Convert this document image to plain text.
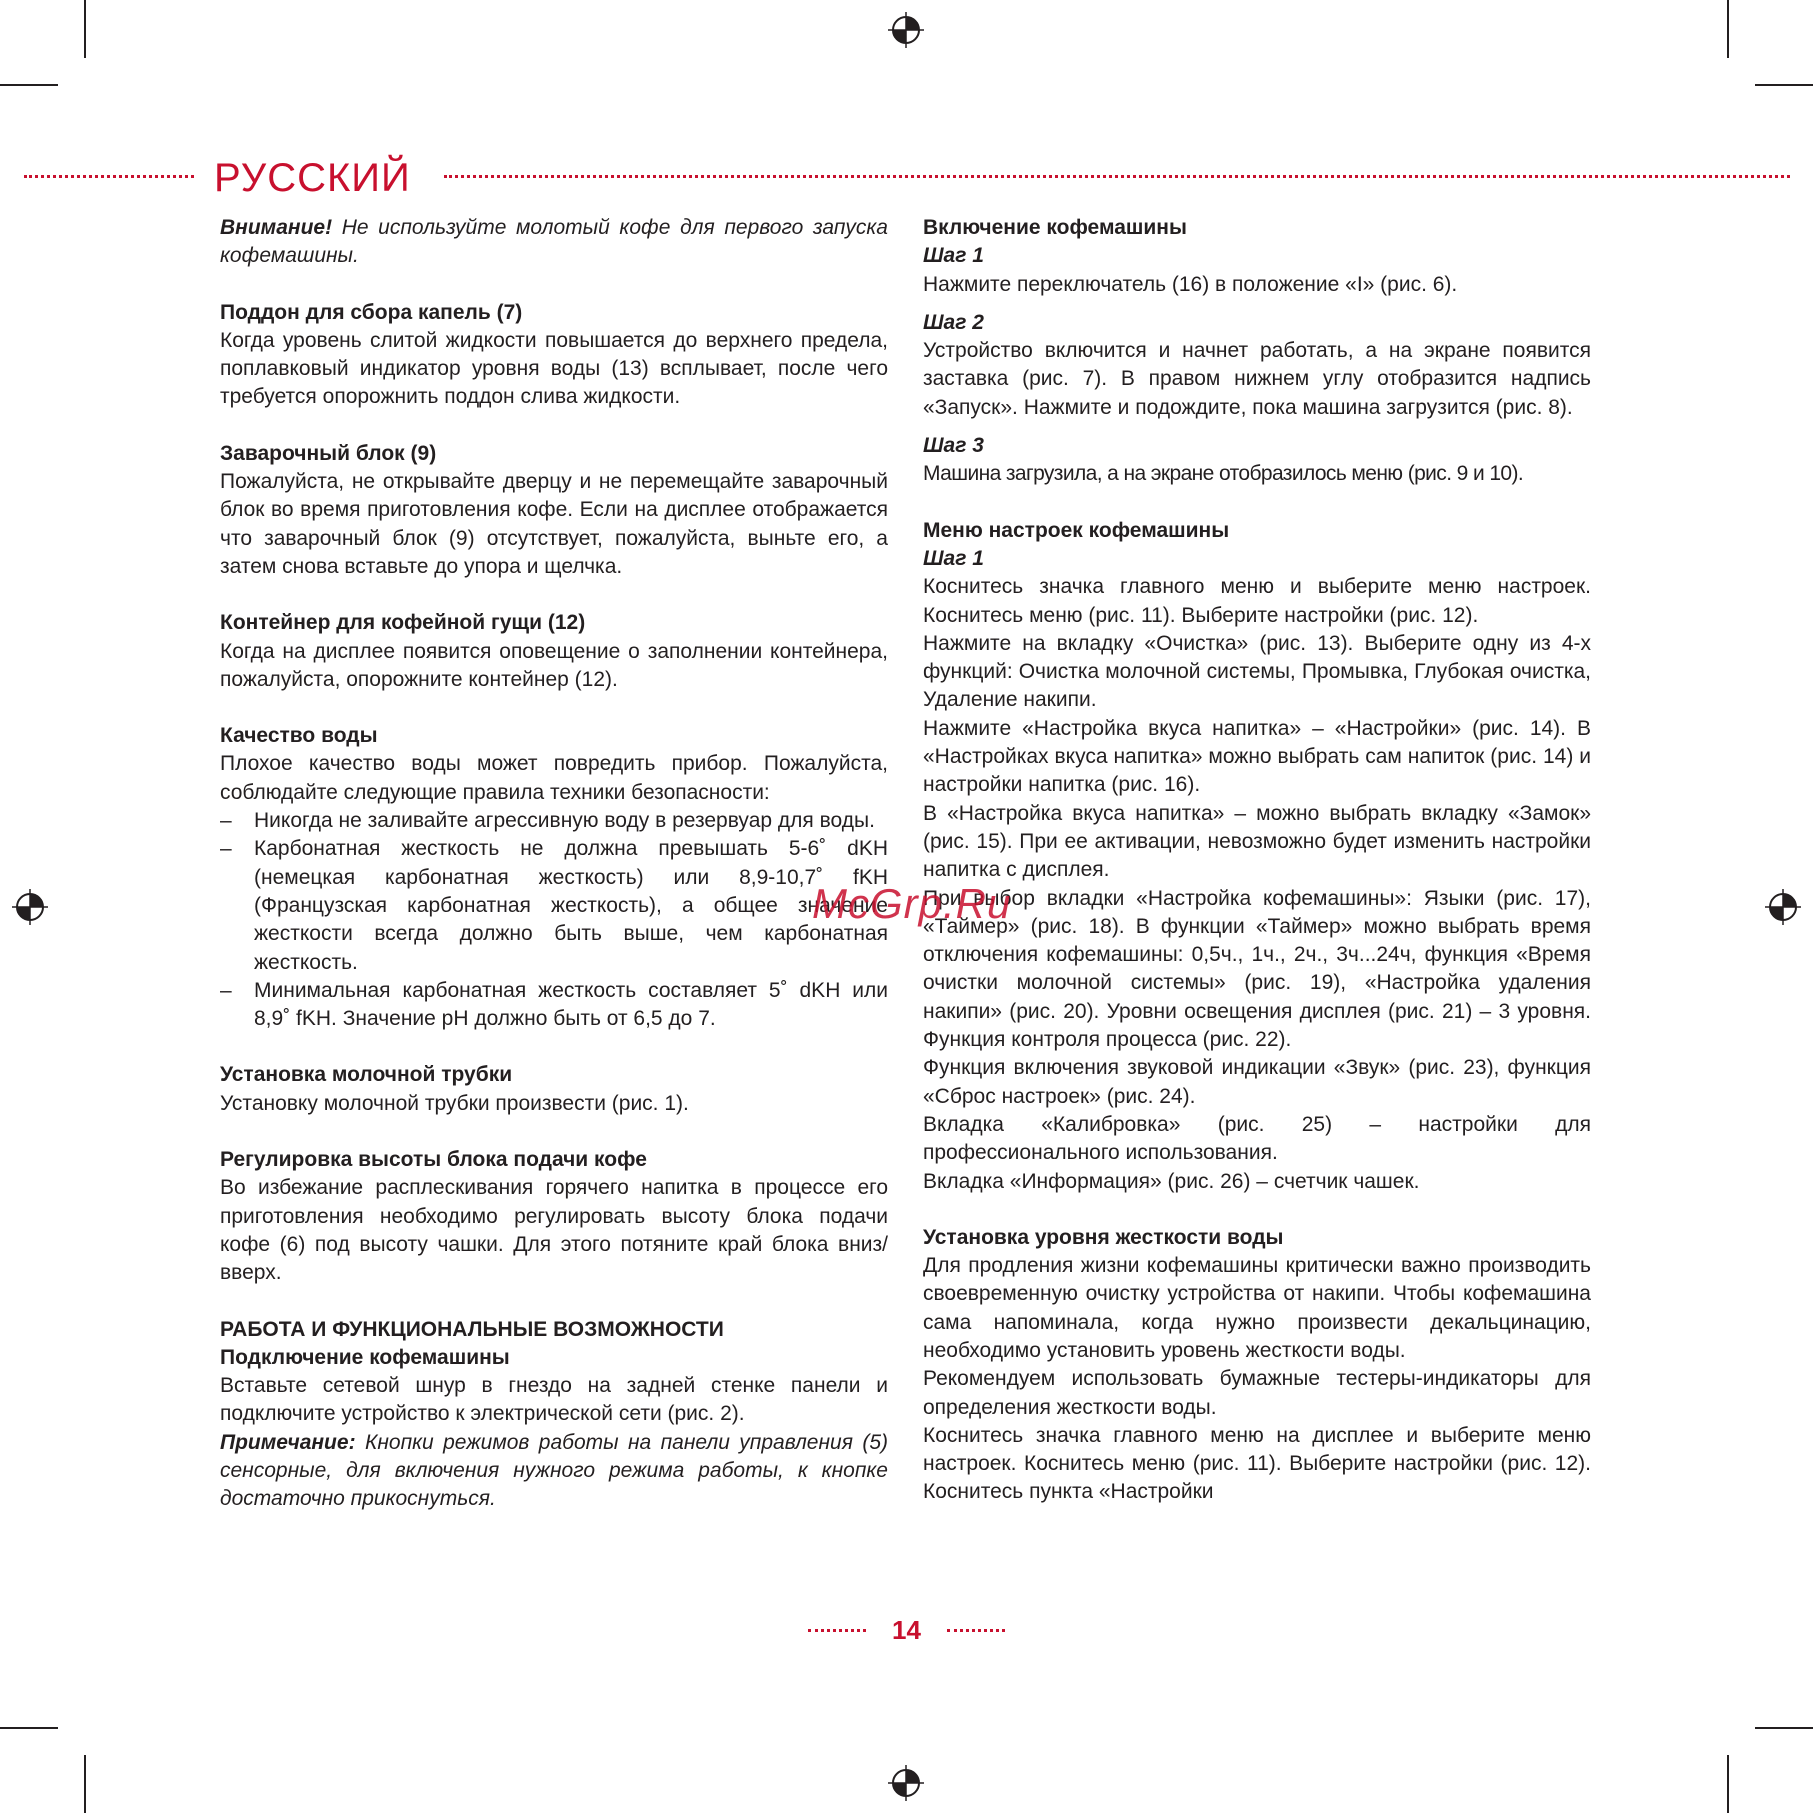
РУССКИЙ

Внимание! Не используйте молотый кофе для первого запуска кофемашины.

Поддон для сбора капель (7)

Когда уровень слитой жидкости повышается до верхнего предела, поплавковый индикатор уровня воды (13) всплывает, после чего требуется опорожнить поддон слива жидкости.

Заварочный блок (9)

Пожалуйста, не открывайте дверцу и не перемещайте заварочный блок во время приготовления кофе. Если на дисплее отображается что заварочный блок (9) отсутствует, пожалуйста, выньте его, а затем снова вставьте до упора и щелчка.

Контейнер для кофейной гущи (12)

Когда на дисплее появится оповещение о заполнении контейнера, пожалуйста, опорожните контейнер (12).

Качество воды

Плохое качество воды может повредить прибор. Пожалуйста, соблюдайте следующие правила техники безопасности:

– Никогда не заливайте агрессивную воду в резервуар для воды.

– Карбонатная жесткость не должна превышать 5-6˚ dKH (немецкая карбонатная жесткость) или 8,9-10,7˚ fKH (Французская карбонатная жесткость), а общее значение жесткости всегда должно быть выше, чем карбонатная жесткость.

– Минимальная карбонатная жесткость составляет 5˚ dKH или 8,9˚ fKH. Значение pH должно быть от 6,5 до 7.

Установка молочной трубки

Установку молочной трубки произвести (рис. 1).

Регулировка высоты блока подачи кофе

Во избежание расплескивания горячего напитка в процессе его приготовления необходимо регулировать высоту блока подачи кофе (6) под высоту чашки. Для этого потяните край блока вниз/вверх.

РАБОТА И ФУНКЦИОНАЛЬНЫЕ ВОЗМОЖНОСТИ

Подключение кофемашины

Вставьте сетевой шнур в гнездо на задней стенке панели и подключите устройство к электрической сети (рис. 2).

Примечание: Кнопки режимов работы на панели управления (5) сенсорные, для включения нужного режима работы, к кнопке достаточно прикоснуться.

Включение кофемашины

Шаг 1

Нажмите переключатель (16) в положение «I» (рис. 6).

Шаг 2

Устройство включится и начнет работать, а на экране появится заставка (рис. 7). В правом нижнем углу отобразится надпись «Запуск». Нажмите и подождите, пока машина загрузится (рис. 8).

Шаг 3

Машина загрузила, а на экране отобразилось меню (рис. 9 и 10).

Меню настроек кофемашины

Шаг 1

Коснитесь значка главного меню и выберите меню настроек. Коснитесь меню (рис. 11). Выберите настройки (рис. 12).

Нажмите на вкладку «Очистка» (рис. 13). Выберите одну из 4-х функций: Очистка молочной системы, Промывка, Глубокая очистка, Удаление накипи.

Нажмите «Настройка вкуса напитка» – «Настройки» (рис. 14). В «Настройках вкуса напитка» можно выбрать сам напиток (рис. 14) и настройки напитка (рис. 16).

В «Настройка вкуса напитка» – можно выбрать вкладку «Замок» (рис. 15). При ее активации, невозможно будет изменить настройки напитка с дисплея.

При выбор вкладки «Настройка кофемашины»: Языки (рис. 17), «Таймер» (рис. 18). В функции «Таймер» можно выбрать время отключения кофемашины: 0,5ч., 1ч., 2ч., 3ч...24ч, функция «Время очистки молочной системы» (рис. 19), «Настройка удаления накипи» (рис. 20). Уровни освещения дисплея (рис. 21) – 3 уровня. Функция контроля процесса (рис. 22).

Функция включения звуковой индикации «Звук» (рис. 23), функция «Сброс настроек» (рис. 24).

Вкладка «Калибровка» (рис. 25) – настройки для профессионального использования.

Вкладка «Информация» (рис. 26) – счетчик чашек.

Установка уровня жесткости воды

Для продления жизни кофемашины критически важно производить своевременную очистку устройства от накипи. Чтобы кофемашина сама напоминала, когда нужно произвести декальцинацию, необходимо установить уровень жесткости воды.

Рекомендуем использовать бумажные тестеры-индикаторы для определения жесткости воды.

Коснитесь значка главного меню на дисплее и выберите меню настроек. Коснитесь меню (рис. 11). Выберите настройки (рис. 12). Коснитесь пункта «Настройки

McGrp.Ru
14
